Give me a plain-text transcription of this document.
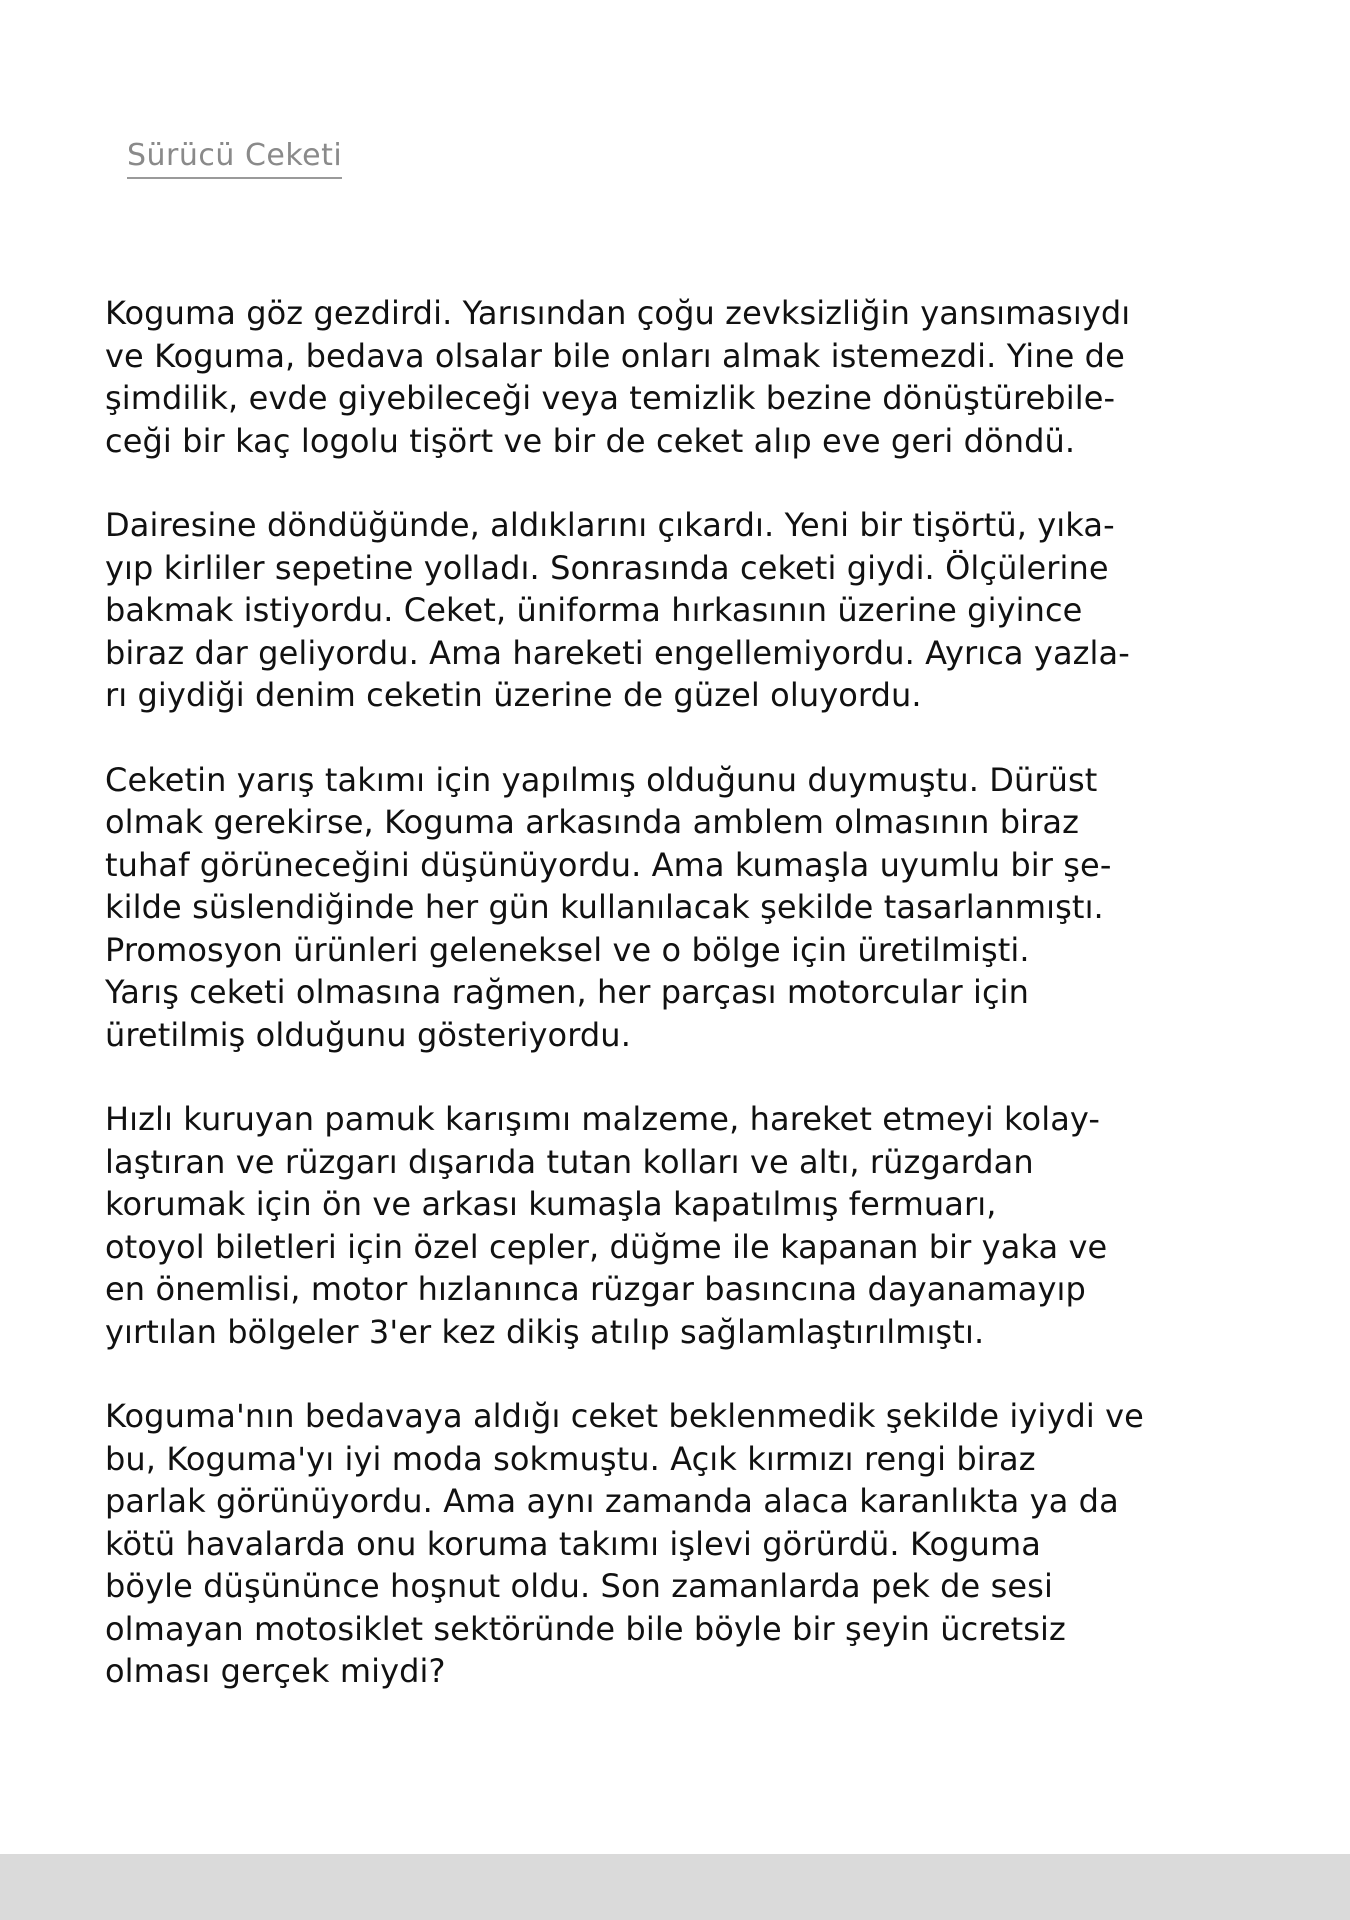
Sürücü Ceketi
Koguma göz gezdirdi. Yarısından çoğu zevksizliğin yansımasıydı
ve Koguma, bedava olsalar bile onları almak istemezdi. Yine de
şimdilik, evde giyebileceği veya temizlik bezine dönüştürebile-
ceği bir kaç logolu tişört ve bir de ceket alıp eve geri döndü.
Dairesine döndüğünde, aldıklarını çıkardı. Yeni bir tişörtü, yıka-
yıp kirliler sepetine yolladı. Sonrasında ceketi giydi. Ölçülerine
bakmak istiyordu. Ceket, üniforma hırkasının üzerine giyince
biraz dar geliyordu. Ama hareketi engellemiyordu. Ayrıca yazla-
rı giydiği denim ceketin üzerine de güzel oluyordu.
Ceketin yarış takımı için yapılmış olduğunu duymuştu. Dürüst
olmak gerekirse, Koguma arkasında amblem olmasının biraz
tuhaf görüneceğini düşünüyordu. Ama kumaşla uyumlu bir şe-
kilde süslendiğinde her gün kullanılacak şekilde tasarlanmıştı.
Promosyon ürünleri geleneksel ve o bölge için üretilmişti.
Yarış ceketi olmasına rağmen, her parçası motorcular için
üretilmiş olduğunu gösteriyordu.
Hızlı kuruyan pamuk karışımı malzeme, hareket etmeyi kolay-
laştıran ve rüzgarı dışarıda tutan kolları ve altı, rüzgardan
korumak için ön ve arkası kumaşla kapatılmış fermuarı,
otoyol biletleri için özel cepler, düğme ile kapanan bir yaka ve
en önemlisi, motor hızlanınca rüzgar basıncına dayanamayıp
yırtılan bölgeler 3'er kez dikiş atılıp sağlamlaştırılmıştı.
Koguma'nın bedavaya aldığı ceket beklenmedik şekilde iyiydi ve
bu, Koguma'yı iyi moda sokmuştu. Açık kırmızı rengi biraz
parlak görünüyordu. Ama aynı zamanda alaca karanlıkta ya da
kötü havalarda onu koruma takımı işlevi görürdü. Koguma
böyle düşününce hoşnut oldu. Son zamanlarda pek de sesi
olmayan motosiklet sektöründe bile böyle bir şeyin ücretsiz
olması gerçek miydi?
